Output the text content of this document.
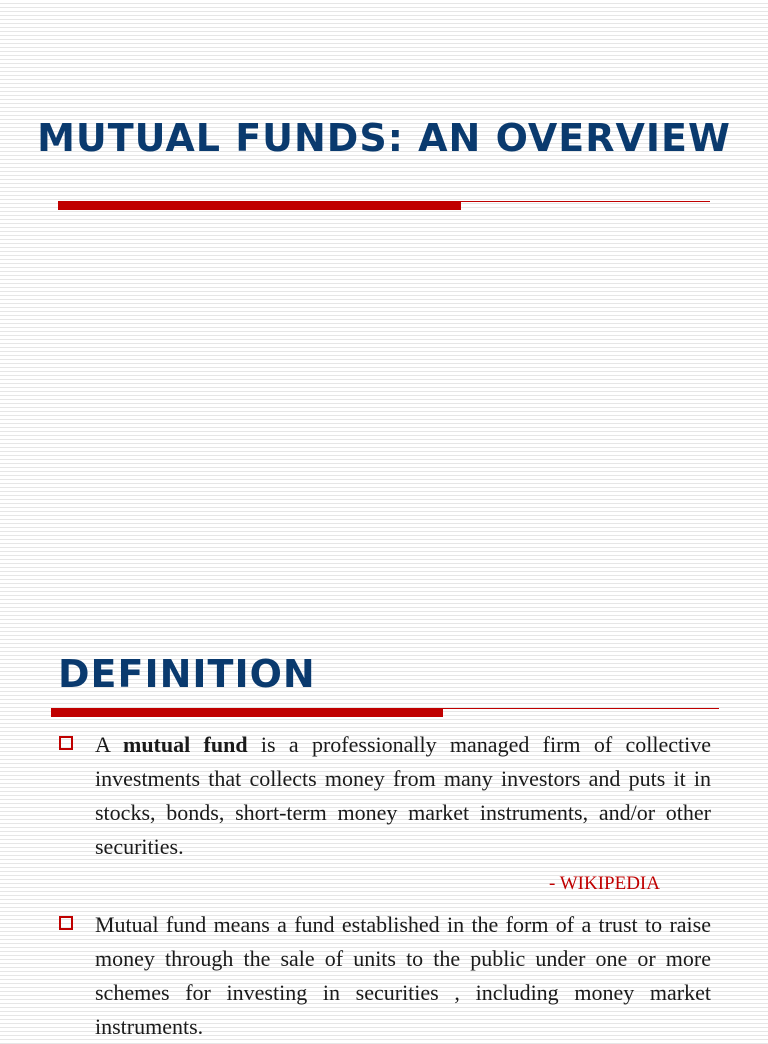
MUTUAL FUNDS: AN OVERVIEW
DEFINITION

A mutual fund is a professionally managed firm of collective investments that collects money from many investors and puts it in stocks, bonds, short-term money market instruments, and/or other securities.

- WIKIPEDIA

Mutual fund means a fund established in the form of a trust to raise money through the sale of units to the public under one or more schemes for investing in securities , including money market instruments.
